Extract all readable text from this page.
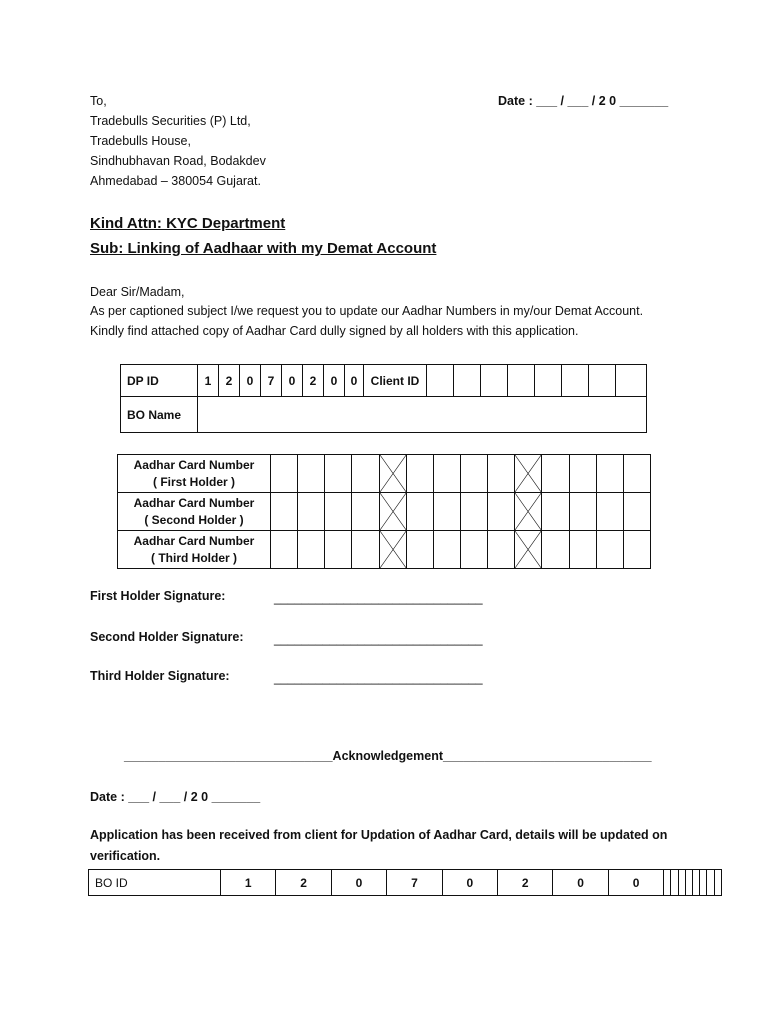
To,
Tradebulls Securities (P) Ltd,
Tradebulls House,
Sindhubhavan Road, Bodakdev
Ahmedabad – 380054 Gujarat.
Date : ___ / ___ / 2 0 _______
Kind Attn: KYC Department
Sub: Linking of Aadhaar with my Demat Account
Dear Sir/Madam,
As per captioned subject I/we request you to update our Aadhar Numbers in my/our Demat Account.
Kindly find attached copy of Aadhar Card dully signed by all holders with this application.
DP ID	1	2	0	7	0	2	0	0	Client ID								
BO Name																	
Aadhar Card Number
( First Holder )

Aadhar Card Number
( Second Holder )

Aadhar Card Number
( Third Holder )

First Holder Signature:	______________________________
Second Holder Signature: ______________________________
Third Holder Signature:	______________________________
______________________________Acknowledgement______________________________
Date : ___ / ___ / 2 0 _______
Application has been received from client for Updation of Aadhar Card, details will be updated on
verification.
BO ID	1	2	0	7	0	2	0	0								
